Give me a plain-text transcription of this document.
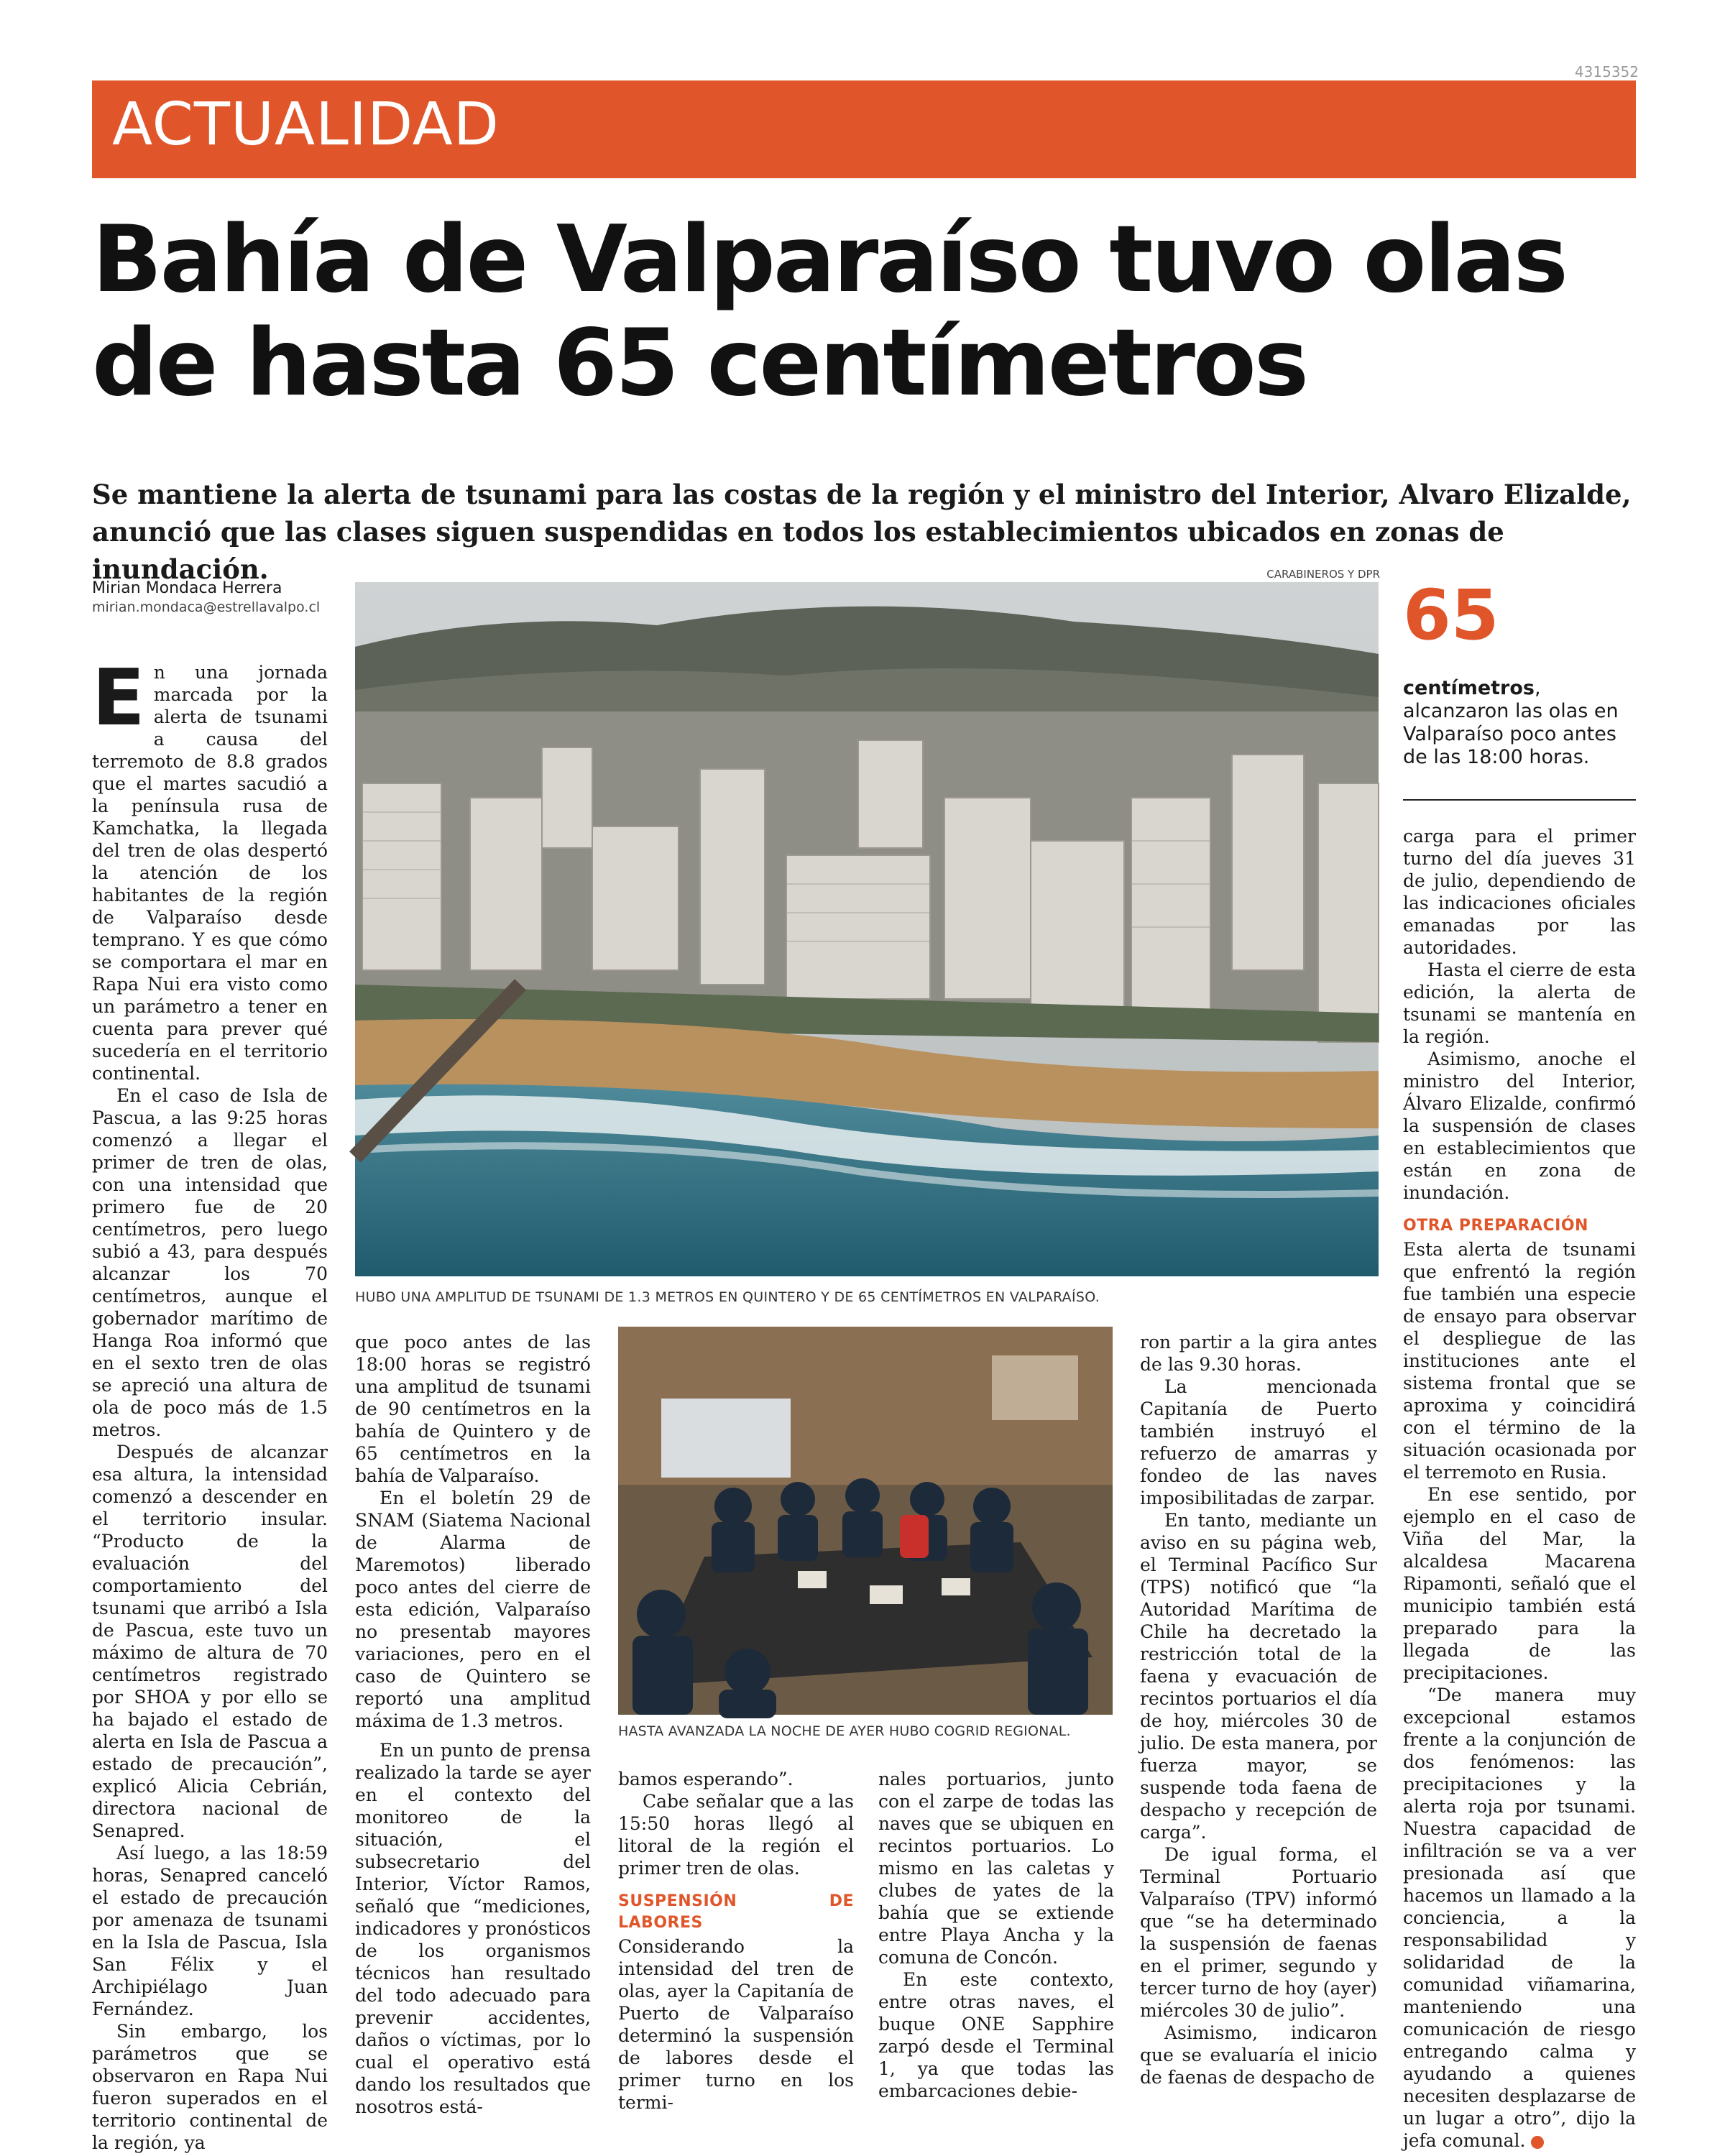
4315352
ACTUALIDAD
Bahía de Valparaíso tuvo olas
de hasta 65 centímetros
Se mantiene la alerta de tsunami para las costas de la región y el ministro del Interior, Alvaro Elizalde, anunció que las clases siguen suspendidas en todos los establecimientos ubicados en zonas de inundación.
Mirian Mondaca Herrera
mirian.mondaca@estrellavalpo.cl

En una jornada marcada por la alerta de tsunami a causa del terremoto de 8.8 grados que el martes sacudió a la península rusa de Kamchatka, la llegada del tren de olas despertó la atención de los habitantes de la región de Valparaíso desde temprano. Y es que cómo se comportara el mar en Rapa Nui era visto como un parámetro a tener en cuenta para prever qué sucedería en el territorio continental.

En el caso de Isla de Pascua, a las 9:25 horas comenzó a llegar el primer de tren de olas, con una intensidad que primero fue de 20 centímetros, pero luego subió a 43, para después alcanzar los 70 centímetros, aunque el gobernador marítimo de Hanga Roa informó que en el sexto tren de olas se apreció una altura de ola de poco más de 1.5 metros.

Después de alcanzar esa altura, la intensidad comenzó a descender en el territorio insular. “Producto de la evaluación del comportamiento del tsunami que arribó a Isla de Pascua, este tuvo un máximo de altura de 70 centímetros registrado por SHOA y por ello se ha bajado el estado de alerta en Isla de Pascua a estado de precaución”, explicó Alicia Cebrián, directora nacional de Senapred.

Así luego, a las 18:59 horas, Senapred canceló el estado de precaución por amenaza de tsunami en la Isla de Pascua, Isla San Félix y el Archipiélago Juan Fernández.

Sin embargo, los parámetros que se observaron en Rapa Nui fueron superados en el territorio continental de la región, ya

CARABINEROS Y DPR
HUBO UNA AMPLITUD DE TSUNAMI DE 1.3 METROS EN QUINTERO Y DE 65 CENTÍMETROS EN VALPARAÍSO.
65
centímetros, alcanzaron las olas en Valparaíso poco antes de las 18:00 horas.

carga para el primer turno del día jueves 31 de julio, dependiendo de las indicaciones oficiales emanadas por las autoridades.

Hasta el cierre de esta edición, la alerta de tsunami se mantenía en la región.

Asimismo, anoche el ministro del Interior, Álvaro Elizalde, confirmó la suspensión de clases en establecimientos que están en zona de inundación.

OTRA PREPARACIÓN

Esta alerta de tsunami que enfrentó la región fue también una especie de ensayo para observar el despliegue de las instituciones ante el sistema frontal que se aproxima y coincidirá con el término de la situación ocasionada por el terremoto en Rusia.

En ese sentido, por ejemplo en el caso de Viña del Mar, la alcaldesa Macarena Ripamonti, señaló que el municipio también está preparado para la llegada de las precipitaciones.

“De manera muy excepcional estamos frente a la conjunción de dos fenómenos: las precipitaciones y la alerta roja por tsunami. Nuestra capacidad de infiltración se va a ver presionada así que hacemos un llamado a la conciencia, a la responsabilidad y solidaridad de la comunidad viñamarina, manteniendo una comunicación de riesgo entregando calma y ayudando a quienes necesiten desplazarse de un lugar a otro”, dijo la jefa comunal.	+

que poco antes de las 18:00 horas se registró una amplitud de tsunami de 90 centímetros en la bahía de Quintero y de 65 centímetros en la bahía de Valparaíso.

En el boletín 29 de SNAM (Siatema Nacional de Alarma de Maremotos) liberado poco antes del cierre de esta edición, Valparaíso no presentab mayores variaciones, pero en el caso de Quintero se reportó una amplitud máxima de 1.3 metros.	HASTA AVANZADA LA NOCHE DE AYER HUBO COGRID REGIONAL.

ron partir a la gira antes de las 9.30 horas.

La mencionada Capitanía de Puerto también instruyó el refuerzo de amarras y fondeo de las naves imposibilitadas de zarpar.

En tanto, mediante un aviso en su página web, el Terminal Pacífico Sur (TPS) notificó que “la Autoridad Marítima de Chile ha decretado la restricción total de la faena y evacuación de recintos portuarios el día de hoy, miércoles 30 de julio. De esta manera, por fuerza mayor, se suspende toda faena de despacho y recepción de carga”.

De igual forma, el Terminal Portuario Valparaíso (TPV) informó que “se ha determinado la suspensión de faenas en el primer, segundo y tercer turno de hoy (ayer) miércoles 30 de julio”.

Asimismo, indicaron que se evaluaría el inicio de faenas de despacho de

En un punto de prensa realizado la tarde se ayer en el contexto del monitoreo de la situación, el subsecretario del Interior, Víctor Ramos, señaló que “mediciones, indicadores y pronósticos de los organismos técnicos han resultado del todo adecuado para prevenir accidentes, daños o víctimas, por lo cual el operativo está dando los resultados que nosotros está-

bamos esperando”.

Cabe señalar que a las 15:50 horas llegó al litoral de la región el primer tren de olas.

SUSPENSIÓN DE LABORES

Considerando la intensidad del tren de olas, ayer la Capitanía de Puerto de Valparaíso determinó la suspensión de labores desde el primer turno en los termi-

nales portuarios, junto con el zarpe de todas las naves que se ubiquen en recintos portuarios. Lo mismo en las caletas y clubes de yates de la bahía que se extiende entre Playa Ancha y la comuna de Concón.

En este contexto, entre otras naves, el buque ONE Sapphire zarpó desde el Terminal 1, ya que todas las embarcaciones debie-
